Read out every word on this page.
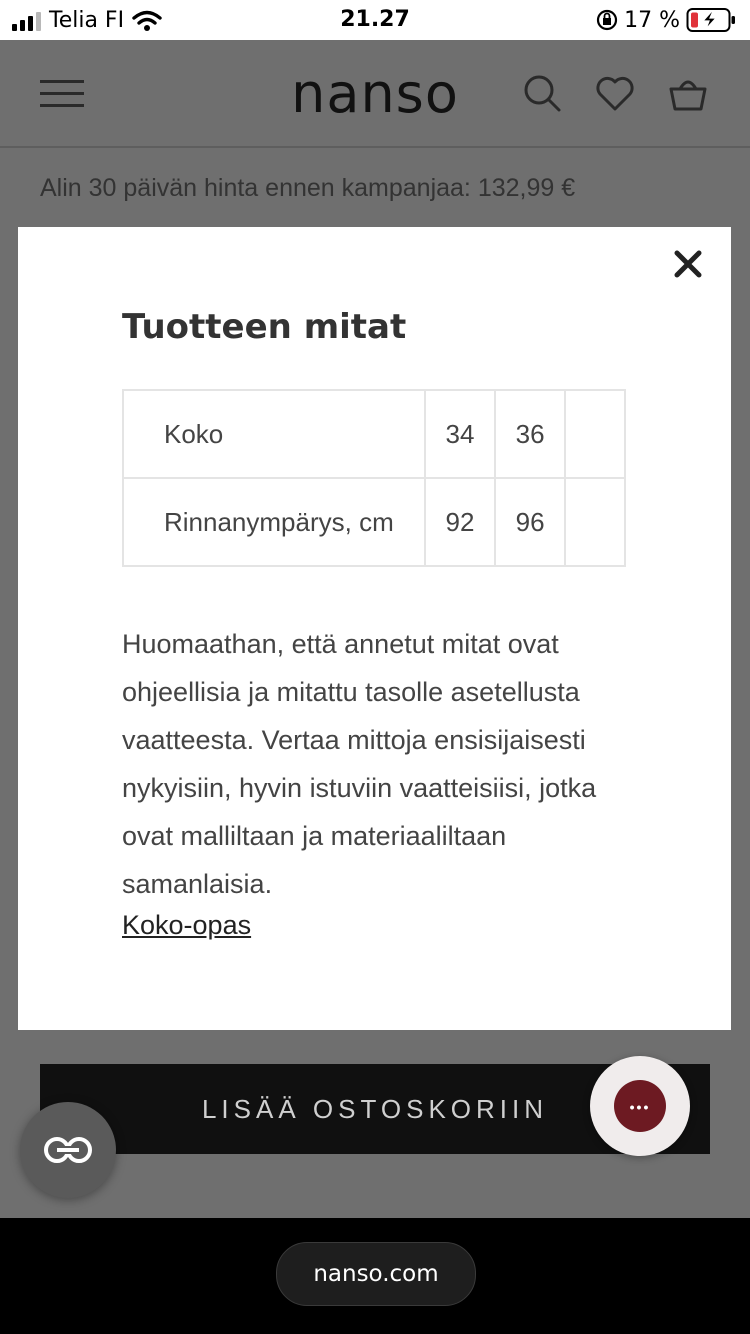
Telia FI	21.27	17 %
nanso
Alin 30 päivän hinta ennen kampanjaa: 132,99 €
LISÄÄ OSTOSKORIIN	•••
Tuotteen mitat
Koko	34	36	
Rinnanympärys, cm	92	96	
Huomaathan, että annetut mitat ovat ohjeellisia ja mitattu tasolle asetellusta vaatteesta. Vertaa mittoja ensisijaisesti nykyisiin, hyvin istuviin vaatteisiisi, jotka ovat malliltaan ja materiaaliltaan samanlaisia.
Koko-opas
nanso.com
